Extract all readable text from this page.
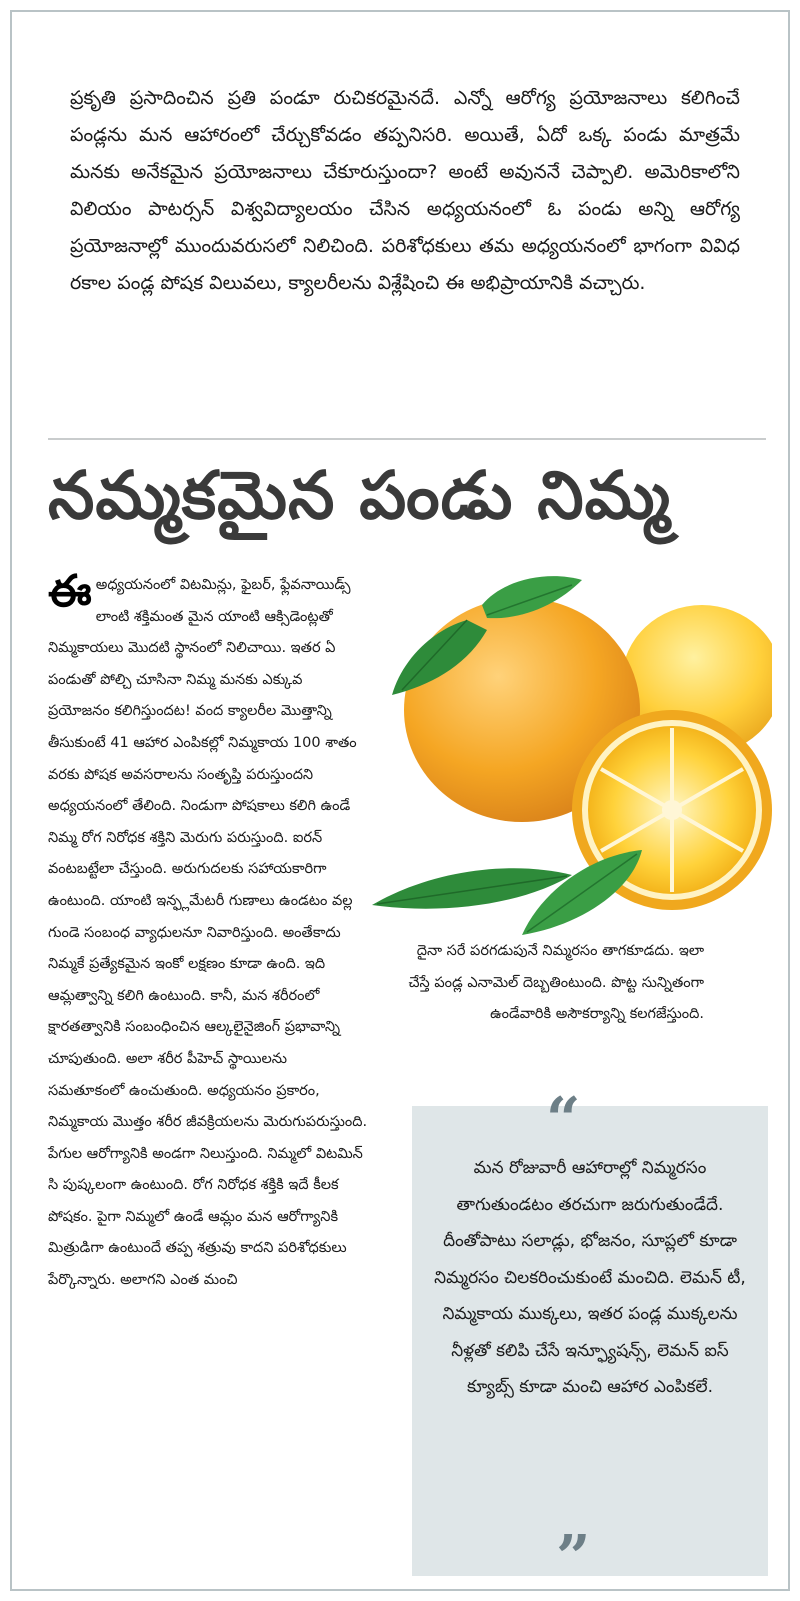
ప్రకృతి ప్రసాదించిన ప్రతి పండూ రుచికరమైనదే. ఎన్నో ఆరోగ్య ప్రయోజనాలు కలిగించే పండ్లను మన ఆహారంలో చేర్చుకోవడం తప్పనిసరి. అయితే, ఏదో ఒక్క పండు మాత్రమే మనకు అనేకమైన ప్రయోజనాలు చేకూరుస్తుందా? అంటే అవుననే చెప్పాలి. అమెరికాలోని విలియం పాటర్సన్ విశ్వవిద్యాలయం చేసిన అధ్యయనంలో ఓ పండు అన్ని ఆరోగ్య ప్రయోజనాల్లో ముందువరుసలో నిలిచింది. పరిశోధకులు తమ అధ్యయనంలో భాగంగా వివిధ రకాల పండ్ల పోషక విలువలు, క్యాలరీలను విశ్లేషించి ఈ అభిప్రాయానికి వచ్చారు.
నమ్మకమైన పండు నిమ్మ
ఈ అధ్యయనంలో విటమిన్లు, ఫైబర్, ఫ్లేవనాయిడ్స్ లాంటి శక్తిమంత మైన యాంటి ఆక్సిడెంట్లతో నిమ్మకాయలు మొదటి స్థానంలో నిలిచాయి. ఇతర ఏ పండుతో పోల్చి చూసినా నిమ్మ మనకు ఎక్కువ ప్రయోజనం కలిగిస్తుందట! వంద క్యాలరీల మొత్తాన్ని తీసుకుంటే 41 ఆహార ఎంపికల్లో నిమ్మకాయ 100 శాతం వరకు పోషక అవసరాలను సంతృప్తి పరుస్తుందని అధ్యయనంలో తేలింది. నిండుగా పోషకాలు కలిగి ఉండే నిమ్మ రోగ నిరోధక శక్తిని మెరుగు పరుస్తుంది. ఐరన్ వంటబట్టేలా చేస్తుంది. అరుగుదలకు సహాయకారిగా ఉంటుంది. యాంటి ఇన్ఫ్లమేటరీ గుణాలు ఉండటం వల్ల గుండె సంబంధ వ్యాధులనూ నివారిస్తుంది. అంతేకాదు నిమ్మకే ప్రత్యేకమైన ఇంకో లక్షణం కూడా ఉంది. ఇది ఆమ్లత్వాన్ని కలిగి ఉంటుంది. కానీ, మన శరీరంలో క్షారతత్వానికి సంబంధించిన ఆల్కలైనైజింగ్ ప్రభావాన్ని చూపుతుంది. అలా శరీర పీహెచ్ స్థాయిలను సమతూకంలో ఉంచుతుంది. అధ్యయనం ప్రకారం, నిమ్మకాయ మొత్తం శరీర జీవక్రియలను మెరుగుపరుస్తుంది. పేగుల ఆరోగ్యానికి అండగా నిలుస్తుంది. నిమ్మలో విటమిన్ సి పుష్కలంగా ఉంటుంది. రోగ నిరోధక శక్తికి ఇదే కీలక పోషకం. పైగా నిమ్మలో ఉండే ఆమ్లం మన ఆరోగ్యానికి మిత్రుడిగా ఉంటుందే తప్ప శత్రువు కాదని పరిశోధకులు పేర్కొన్నారు. అలాగని ఎంత మంచి
దైనా సరే పరగడుపునే నిమ్మరసం తాగకూడదు. ఇలా చేస్తే పండ్ల ఎనామెల్ దెబ్బతింటుంది. పొట్ట సున్నితంగా ఉండేవారికి అసౌకర్యాన్ని కలగజేస్తుంది.
“
మన రోజువారీ ఆహారాల్లో నిమ్మరసం తాగుతుండటం తరచుగా జరుగుతుండేదే. దీంతోపాటు సలాడ్లు, భోజనం, సూప్లలో కూడా నిమ్మరసం చిలకరించుకుంటే మంచిది. లెమన్ టీ, నిమ్మకాయ ముక్కలు, ఇతర పండ్ల ముక్కలను నీళ్లతో కలిపి చేసే ఇన్ఫ్యూషన్స్, లెమన్ ఐస్ క్యూబ్స్ కూడా మంచి ఆహార ఎంపికలే.
”
